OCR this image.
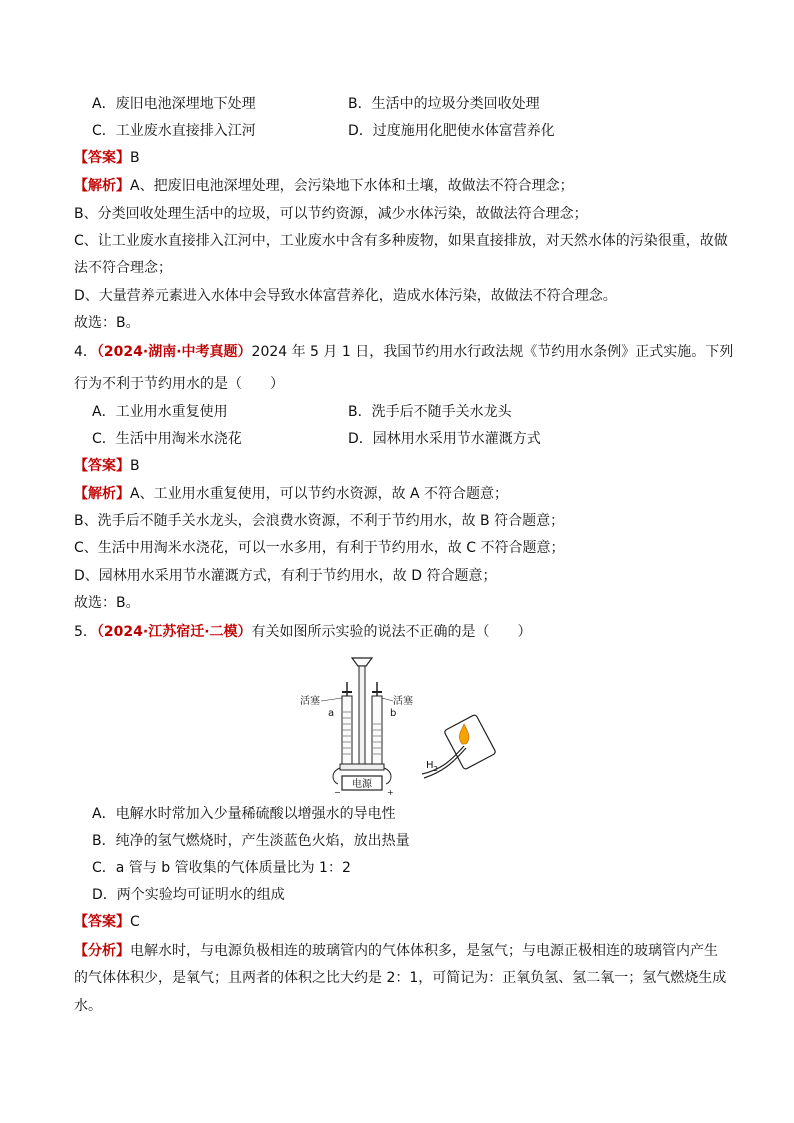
A．废旧电池深埋地下处理	B．生活中的垃圾分类回收处理
C．工业废水直接排入江河	D．过度施用化肥使水体富营养化
【答案】B
【解析】A、把废旧电池深埋处理，会污染地下水体和土壤，故做法不符合理念；
B、分类回收处理生活中的垃圾，可以节约资源，减少水体污染，故做法符合理念；
C、让工业废水直接排入江河中，工业废水中含有多种废物，如果直接排放，对天然水体的污染很重，故做
法不符合理念；
D、大量营养元素进入水体中会导致水体富营养化，造成水体污染，故做法不符合理念。
故选：B。
4．（2024·湖南·中考真题）2024 年 5 月 1 日，我国节约用水行政法规《节约用水条例》正式实施。下列
行为不利于节约用水的是（　　）
A．工业用水重复使用	B．洗手后不随手关水龙头
C．生活中用淘米水浇花	D．园林用水采用节水灌溉方式
【答案】B
【解析】A、工业用水重复使用，可以节约水资源，故 A 不符合题意；
B、洗手后不随手关水龙头，会浪费水资源，不利于节约用水，故 B 符合题意；
C、生活中用淘米水浇花，可以一水多用，有利于节约用水，故 C 不符合题意；
D、园林用水采用节水灌溉方式，有利于节约用水，故 D 符合题意；
故选：B。
5．（2024·江苏宿迁·二模）有关如图所示实验的说法不正确的是（　　）
电源
−	+
活塞	活塞
a	b
$H_2$
A．电解水时常加入少量稀硫酸以增强水的导电性
B．纯净的氢气燃烧时，产生淡蓝色火焰，放出热量
C．a 管与 b 管收集的气体质量比为 1：2
D．两个实验均可证明水的组成
【答案】C
【分析】电解水时，与电源负极相连的玻璃管内的气体体积多，是氢气；与电源正极相连的玻璃管内产生
的气体体积少，是氧气；且两者的体积之比大约是 2：1，可简记为：正氧负氢、氢二氧一；氢气燃烧生成
水。
